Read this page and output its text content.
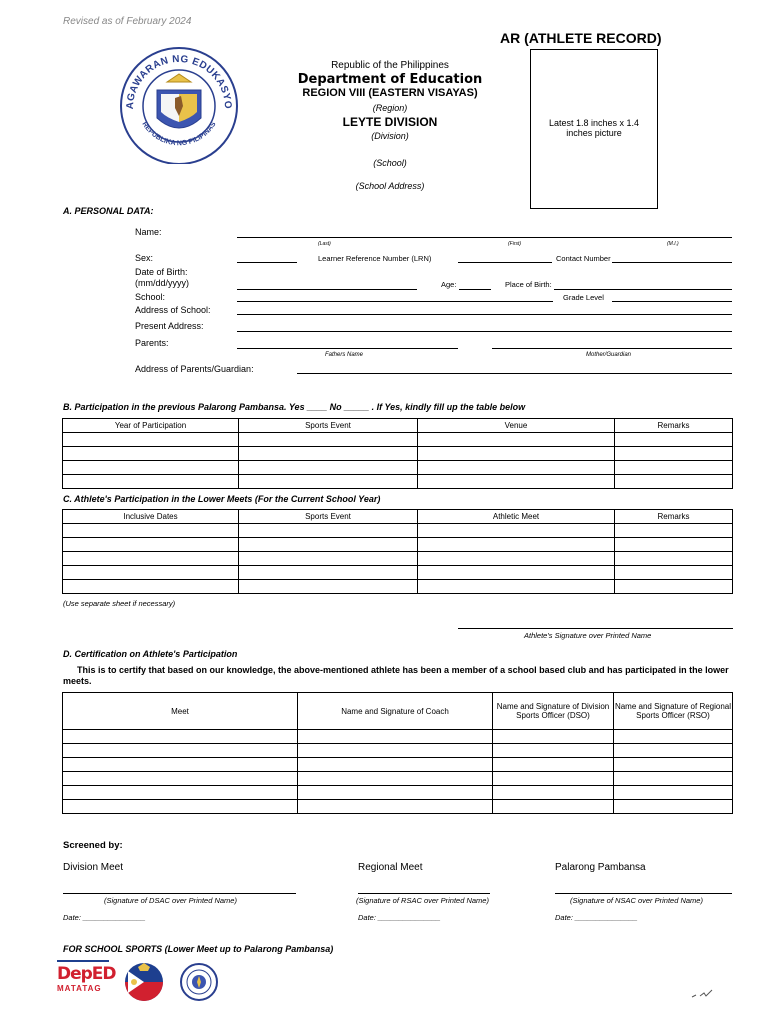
Revised as of February 2024
AR (ATHLETE RECORD)
AGAWARAN NG EDUKASYO
REPUBLIKA NG PILIPINAS
Republic of the Philippines
Department of Education
REGION VIII (EASTERN VISAYAS)
(Region)
LEYTE DIVISION
(Division)
(School)
(School Address)
Latest 1.8 inches x 1.4 inches picture
A. PERSONAL DATA:
Name:
(Last)	(First)	(M.I.)
Sex:	Learner Reference Number (LRN)	Contact Number
Date of Birth:
(mm/dd/yyyy)	Age:	Place of Birth:
School:	Grade Level
Address of School:
Present Address:
Parents:
Fathers Name	Mother/Guardian
Address of Parents/Guardian:
B. Participation in the previous Palarong Pambansa. Yes ____ No _____ . If Yes, kindly fill up the table below
Year of Participation	Sports Event	Venue	Remarks

C. Athlete's Participation in the Lower Meets (For the Current School Year)
Inclusive Dates	Sports Event	Athletic Meet	Remarks

(Use separate sheet if necessary)
Athlete's Signature over Printed Name
D. Certification on Athlete's Participation
This is to certify that based on our knowledge, the above-mentioned athlete has been a member of a school based club and has participated in the lower meets.
Meet	Name and Signature of Coach	Name and Signature of Division Sports Officer (DSO)	Name and Signature of Regional Sports Officer (RSO)

Screened by:
Division Meet	Regional Meet	Palarong Pambansa
(Signature of DSAC over Printed Name)	(Signature of RSAC over Printed Name)	(Signature of NSAC over Printed Name)
Date: _______________	Date: _______________	Date: _______________
FOR SCHOOL SPORTS (Lower Meet up to Palarong Pambansa)
DepED
MATATAG
